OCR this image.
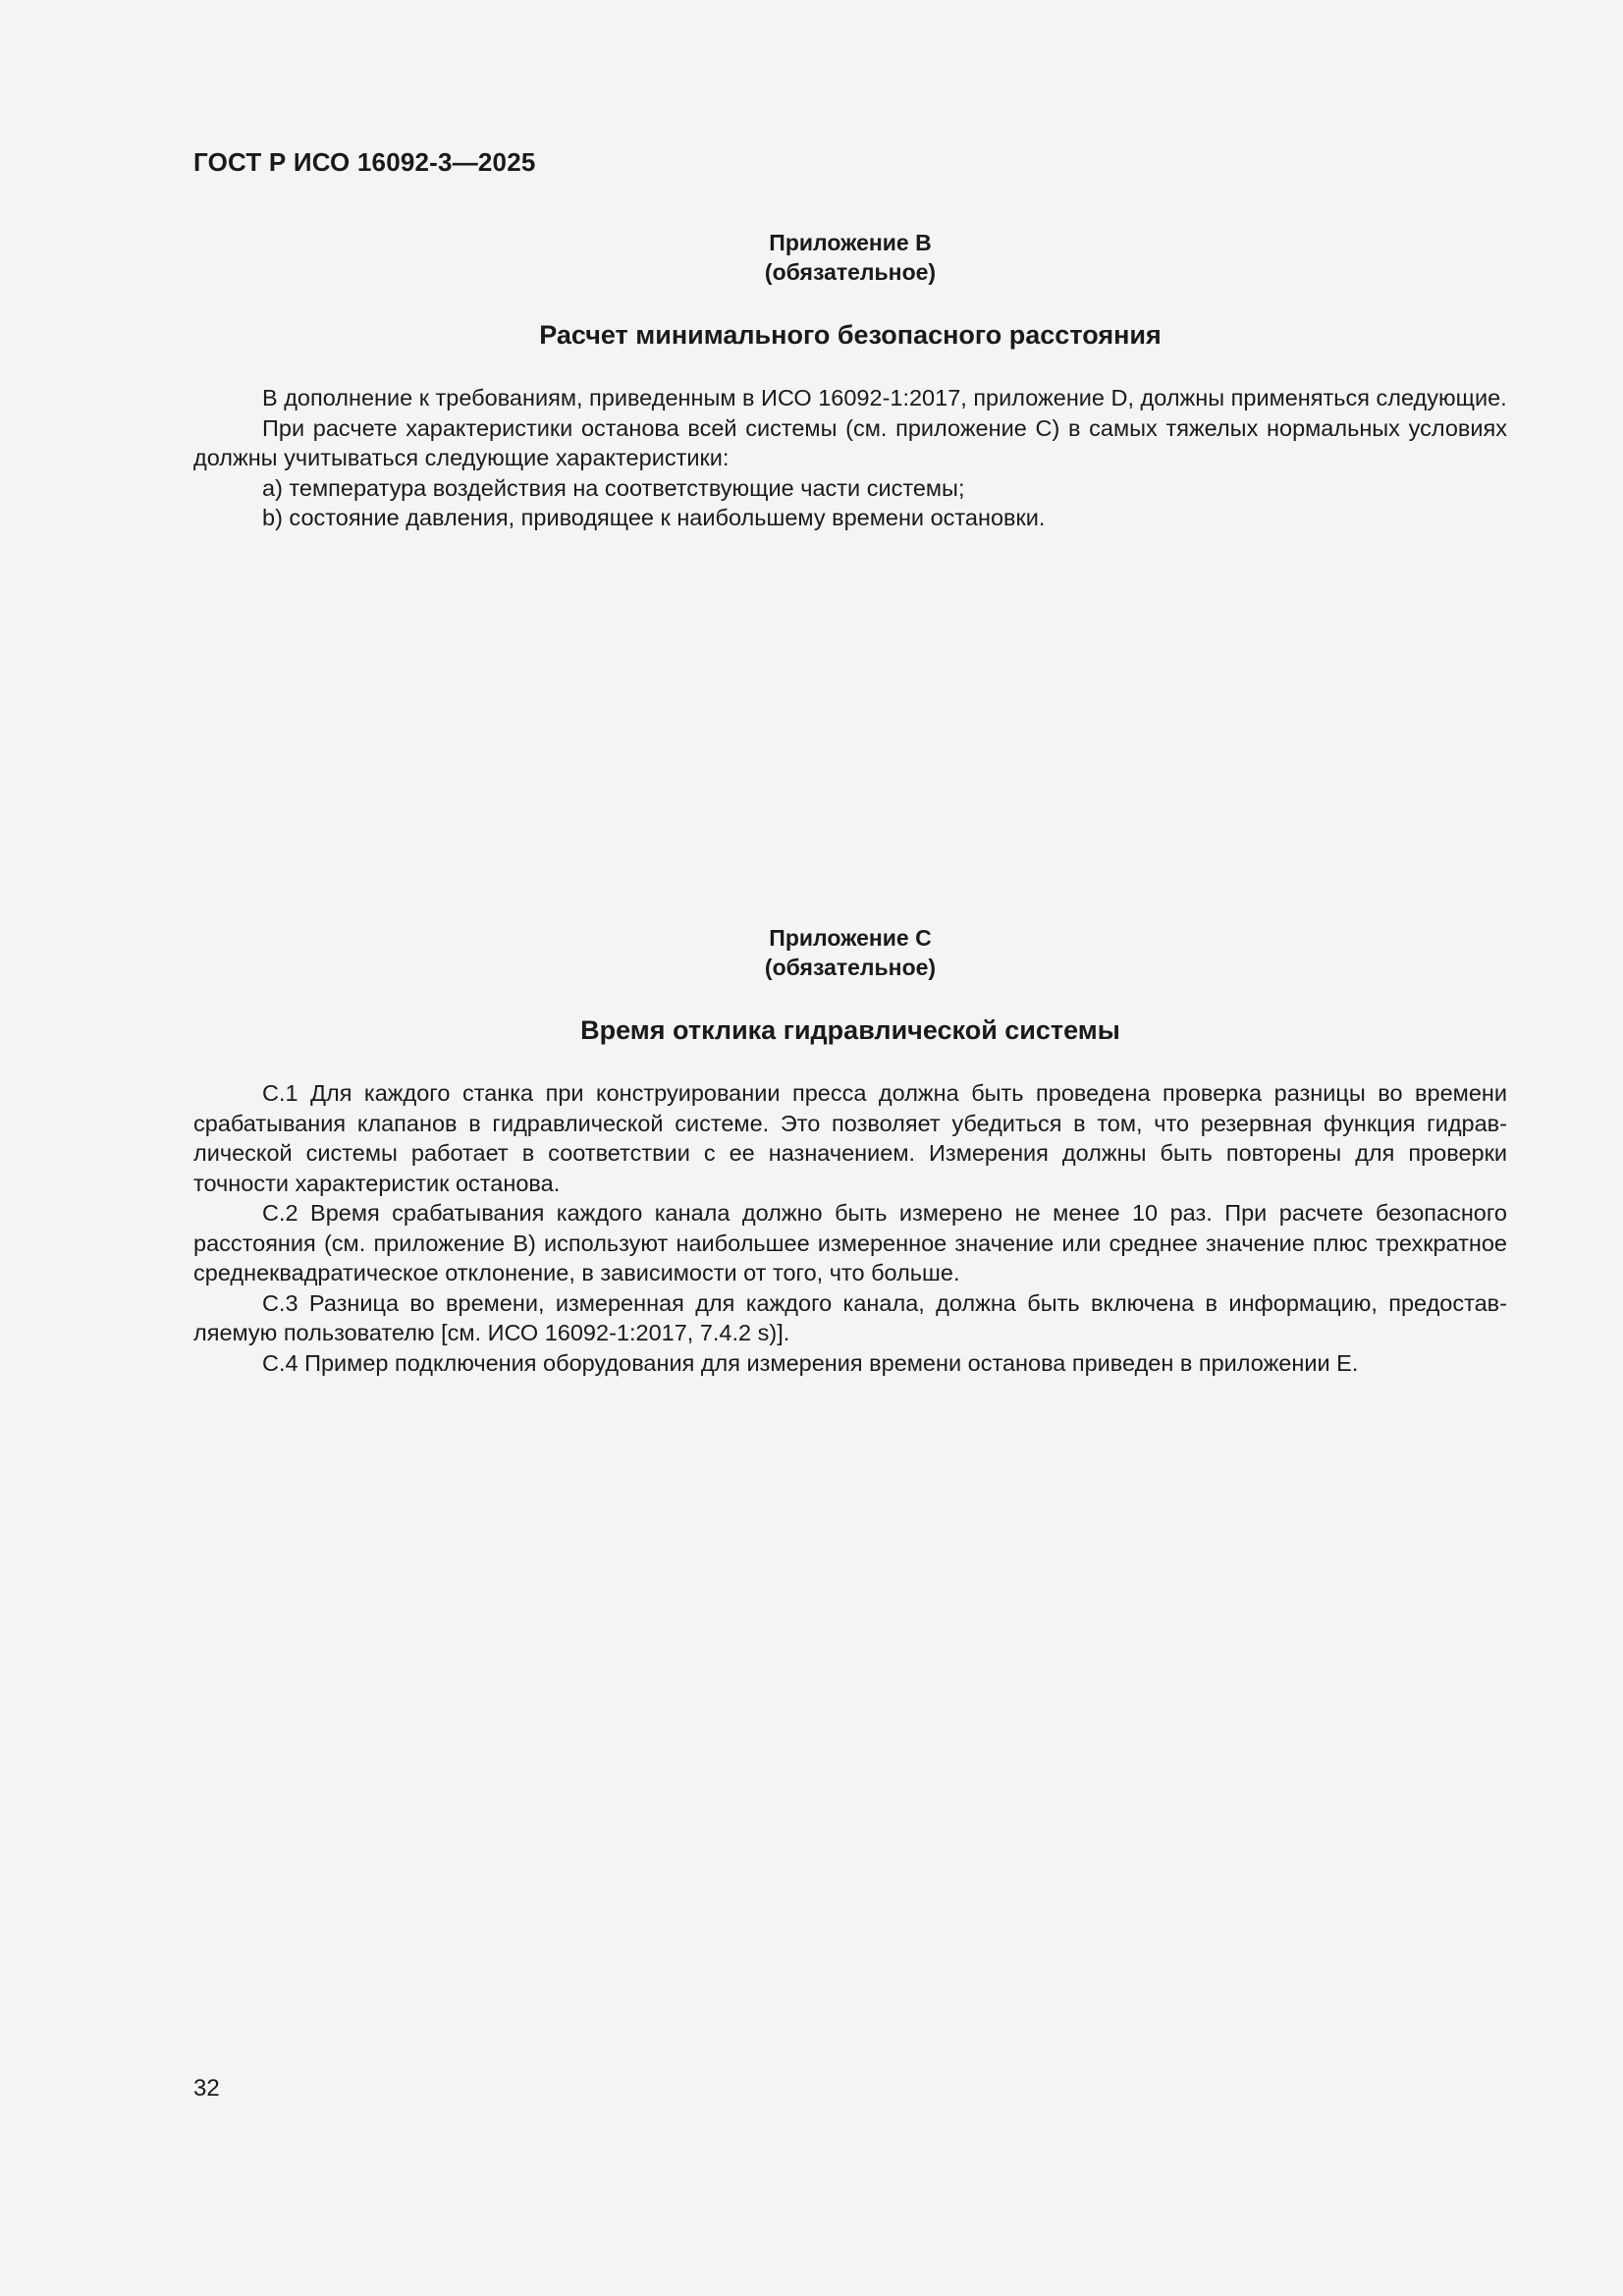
ГОСТ Р ИСО 16092-3—2025
Приложение В
(обязательное)
Расчет минимального безопасного расстояния

В дополнение к требованиям, приведенным в ИСО 16092-1:2017, приложение D, должны применяться следующие.

При расчете характеристики останова всей системы (см. приложение С) в самых тяжелых нормальных условиях должны учитываться следующие характеристики:

a) температура воздействия на соответствующие части системы;

b) состояние давления, приводящее к наибольшему времени остановки.

Приложение С
(обязательное)
Время отклика гидравлической системы

С.1 Для каждого станка при конструировании пресса должна быть проведена проверка разницы во времени срабатывания клапанов в гидравлической системе. Это позволяет убедиться в том, что резервная функция гидравлической системы работает в соответствии с ее назначением. Измерения должны быть повторены для проверки точности характеристик останова.

С.2 Время срабатывания каждого канала должно быть измерено не менее 10 раз. При расчете безопасного расстояния (см. приложение В) используют наибольшее измеренное значение или среднее значение плюс трехкратное среднеквадратическое отклонение, в зависимости от того, что больше.

С.3 Разница во времени, измеренная для каждого канала, должна быть включена в информацию, предоставляемую пользователю [см. ИСО 16092-1:2017, 7.4.2 s)].

С.4 Пример подключения оборудования для измерения времени останова приведен в приложении Е.

32
